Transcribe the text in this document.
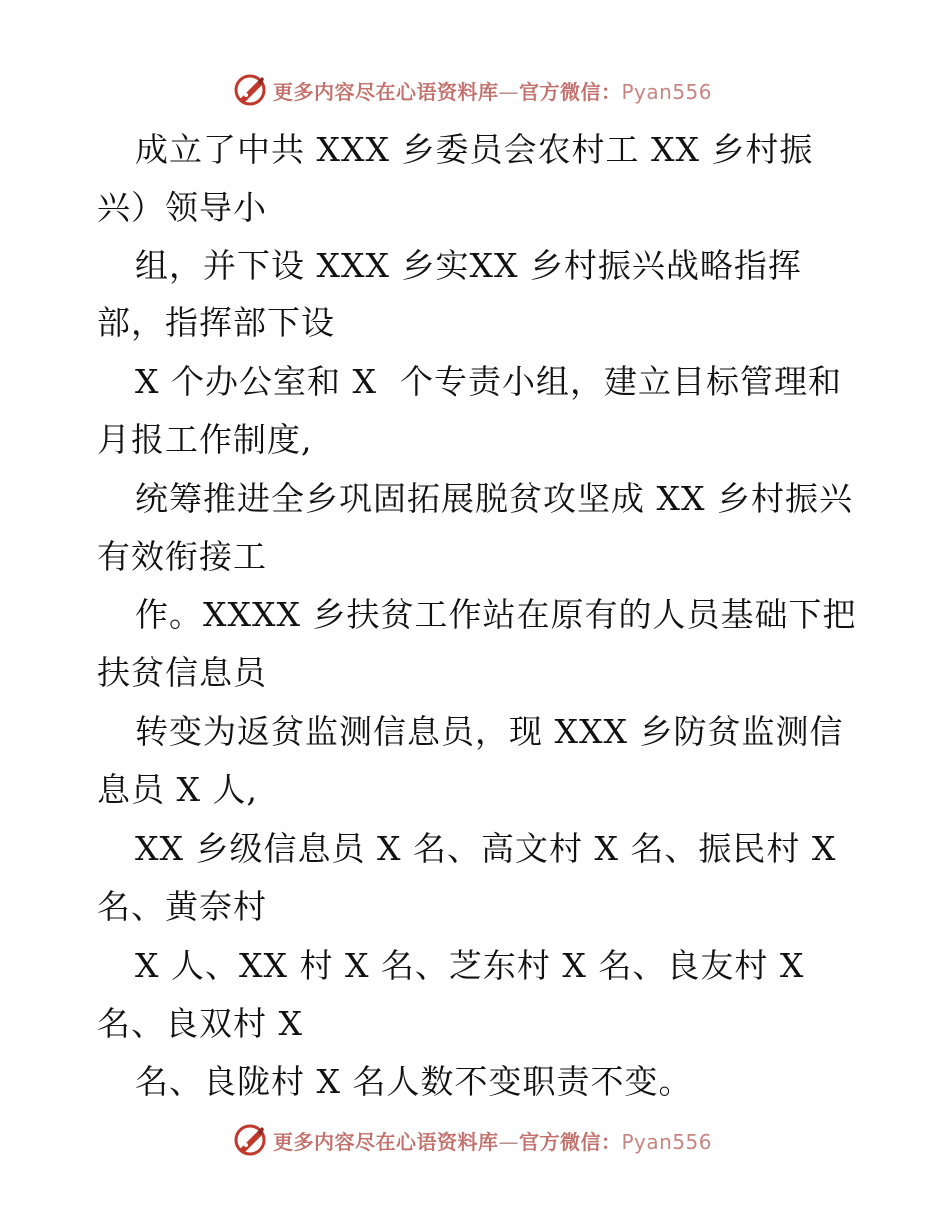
更多内容尽在心语资料库—官方微信：Pyan556
成立了中共 XXX 乡委员会农村工 XX 乡村振
兴）领导小
组，并下设 XXX 乡实XX 乡村振兴战略指挥
部，指挥部下设
X 个办公室和 X  个专责小组，建立目标管理和
月报工作制度,
统筹推进全乡巩固拓展脱贫攻坚成 XX 乡村振兴
有效衔接工
作。XXXX 乡扶贫工作站在原有的人员基础下把
扶贫信息员
转变为返贫监测信息员，现 XXX 乡防贫监测信
息员 X 人,
XX 乡级信息员 X 名、高文村 X 名、振民村 X
名、黄奈村
X 人、XX 村 X 名、芝东村 X 名、良友村 X
名、良双村 X
名、良陇村 X 名人数不变职责不变。
更多内容尽在心语资料库—官方微信：Pyan556
